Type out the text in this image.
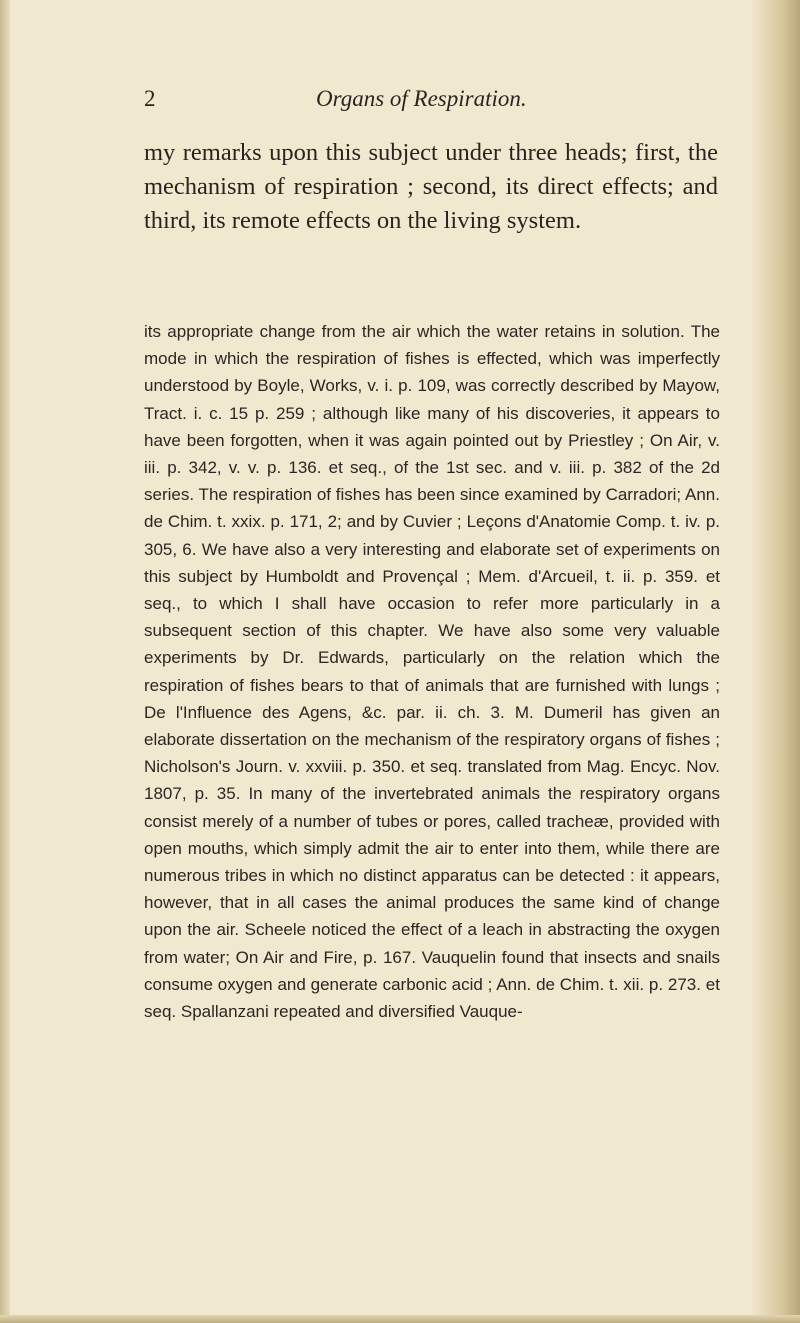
2	Organs of Respiration.

my remarks upon this subject under three heads; first, the mechanism of respiration ; second, its direct effects; and third, its remote effects on the living system.

its appropriate change from the air which the water retains in solution. The mode in which the respiration of fishes is effected, which was imperfectly understood by Boyle, Works, v. i. p. 109, was correctly described by Mayow, Tract. i. c. 15 p. 259 ; although like many of his discoveries, it appears to have been forgotten, when it was again pointed out by Priestley ; On Air, v. iii. p. 342, v. v. p. 136. et seq., of the 1st sec. and v. iii. p. 382 of the 2d series. The respiration of fishes has been since examined by Carradori; Ann. de Chim. t. xxix. p. 171, 2; and by Cuvier ; Leçons d'Anatomie Comp. t. iv. p. 305, 6. We have also a very interesting and elaborate set of experiments on this subject by Humboldt and Provençal ; Mem. d'Arcueil, t. ii. p. 359. et seq., to which I shall have occasion to refer more particularly in a subsequent section of this chapter. We have also some very valuable experiments by Dr. Edwards, particularly on the relation which the respiration of fishes bears to that of animals that are furnished with lungs ; De l'Influence des Agens, &c. par. ii. ch. 3. M. Dumeril has given an elaborate dissertation on the mechanism of the respiratory organs of fishes ; Nicholson's Journ. v. xxviii. p. 350. et seq. translated from Mag. Encyc. Nov. 1807, p. 35. In many of the invertebrated animals the respiratory organs consist merely of a number of tubes or pores, called tracheæ, provided with open mouths, which simply admit the air to enter into them, while there are numerous tribes in which no distinct apparatus can be detected : it appears, however, that in all cases the animal produces the same kind of change upon the air. Scheele noticed the effect of a leach in abstracting the oxygen from water; On Air and Fire, p. 167. Vauquelin found that insects and snails consume oxygen and generate carbonic acid ; Ann. de Chim. t. xii. p. 273. et seq. Spallanzani repeated and diversified Vauque-
